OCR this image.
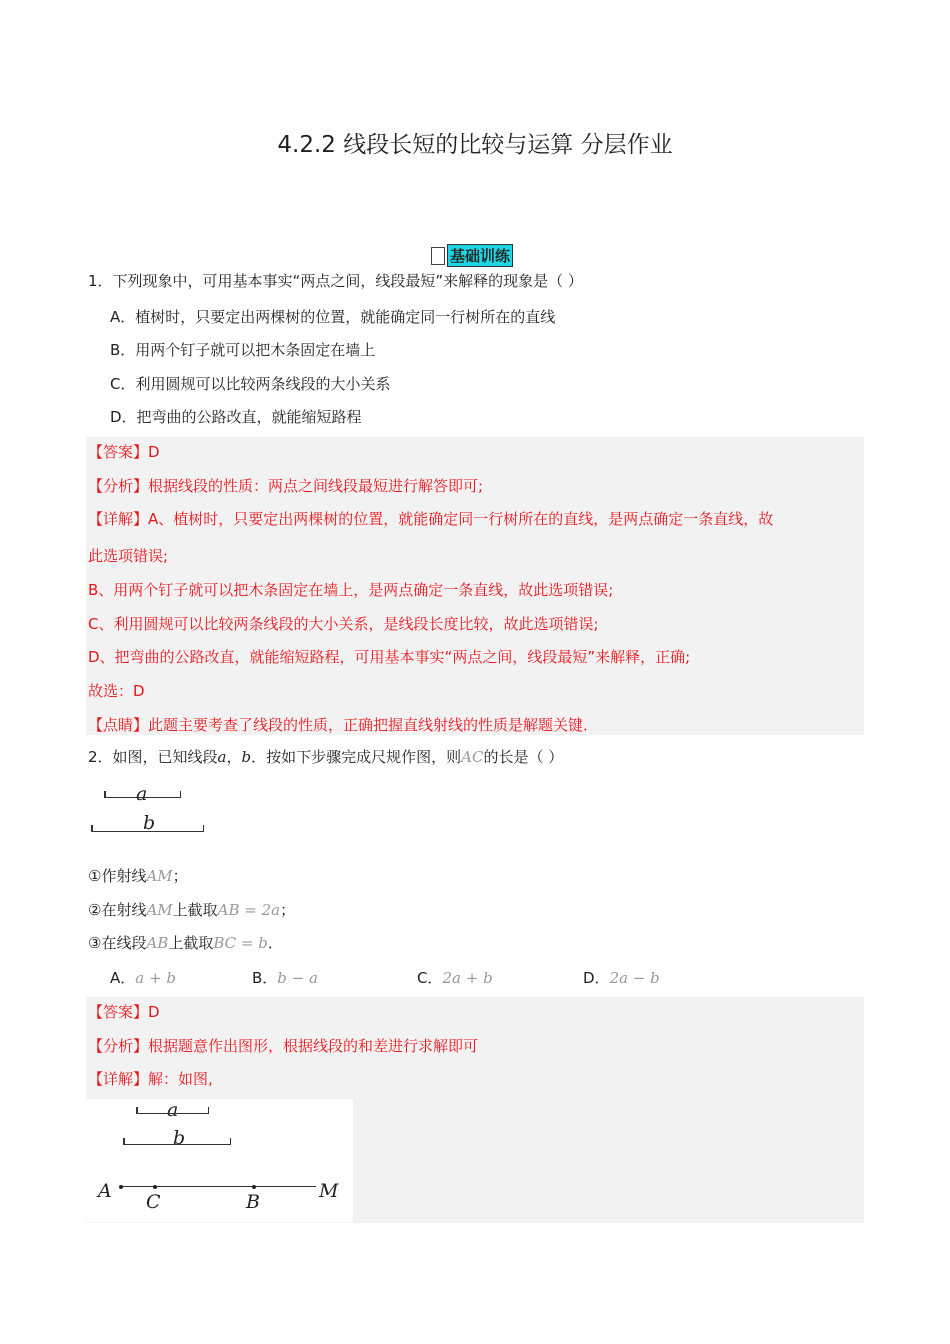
4.2.2 线段长短的比较与运算 分层作业
基础训练
1．下列现象中，可用基本事实“两点之间，线段最短”来解释的现象是（ ）
A．植树时，只要定出两棵树的位置，就能确定同一行树所在的直线
B．用两个钉子就可以把木条固定在墙上
C．利用圆规可以比较两条线段的大小关系
D．把弯曲的公路改直，就能缩短路程
【答案】D
【分析】根据线段的性质：两点之间线段最短进行解答即可;
【详解】A、植树时，只要定出两棵树的位置，就能确定同一行树所在的直线，是两点确定一条直线，故
此选项错误;
B、用两个钉子就可以把木条固定在墙上，是两点确定一条直线，故此选项错误;
C、利用圆规可以比较两条线段的大小关系，是线段长度比较，故此选项错误;
D、把弯曲的公路改直，就能缩短路程，可用基本事实“两点之间，线段最短”来解释，正确;
故选：D
【点睛】此题主要考查了线段的性质，正确把握直线射线的性质是解题关键．
2．如图，已知线段a，b．按如下步骤完成尺规作图，则AC的长是（ ）
a
b
①作射线AM；
②在射线AM上截取AB = 2a；
③在线段AB上截取BC = b．
A．a + b	B．b − a	C．2a + b	D．2a − b
【答案】D
【分析】根据题意作出图形，根据线段的和差进行求解即可
【详解】解：如图,
a
b
A C	B	M
